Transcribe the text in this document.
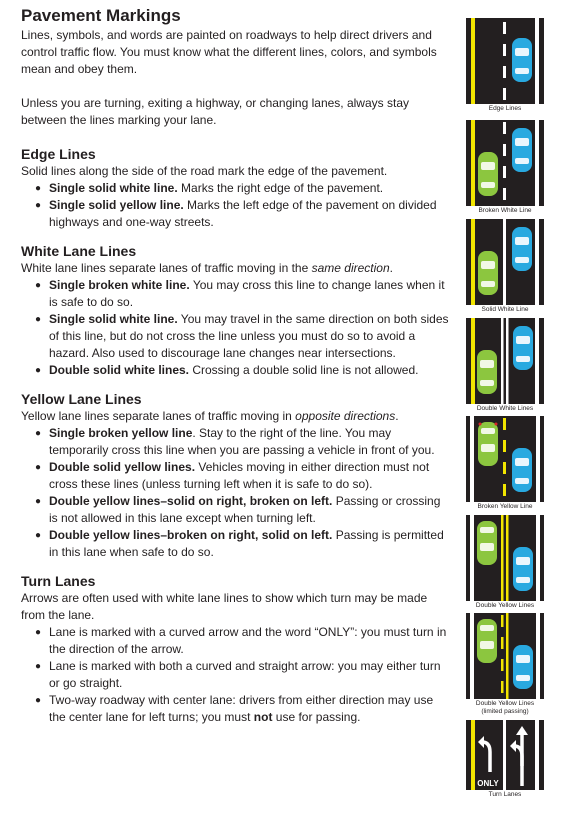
Pavement Markings

Lines, symbols, and words are painted on roadways to help direct drivers and control traffic flow. You must know what the different lines, colors, and symbols mean and obey them.

Unless you are turning, exiting a highway, or changing lanes, always stay between the lines marking your lane.

Edge Lines

Solid lines along the side of the road mark the edge of the pavement.

● Single solid white line. Marks the right edge of the pavement.
● Single solid yellow line. Marks the left edge of the pavement on divided highways and one-way streets.
White Lane Lines

White lane lines separate lanes of traffic moving in the same direction.

● Single broken white line. You may cross this line to change lanes when it is safe to do so.
● Single solid white line. You may travel in the same direction on both sides of this line, but do not cross the line unless you must do so to avoid a hazard. Also used to discourage lane changes near intersections.
● Double solid white lines. Crossing a double solid line is not allowed.
Yellow Lane Lines

Yellow lane lines separate lanes of traffic moving in opposite directions.

● Single broken yellow line. Stay to the right of the line. You may temporarily cross this line when you are passing a vehicle in front of you.
● Double solid yellow lines. Vehicles moving in either direction must not cross these lines (unless turning left when it is safe to do so).
● Double yellow lines–solid on right, broken on left. Passing or crossing is not allowed in this lane except when turning left.
● Double yellow lines–broken on right, solid on left. Passing is permitted in this lane when safe to do so.
Turn Lanes

Arrows are often used with white lane lines to show which turn may be made from the lane.

● Lane is marked with a curved arrow and the word “ONLY”: you must turn in the direction of the arrow.
● Lane is marked with both a curved and straight arrow: you may either turn or go straight.
● Two-way roadway with center lane: drivers from either direction may use the center lane for left turns; you must not use for passing.
Edge Lines
Broken White Line
Solid White Line
Double White Lines
Broken Yellow Line
Double Yellow Lines
Double Yellow Lines (limited passing)
ONLY
Turn Lanes
